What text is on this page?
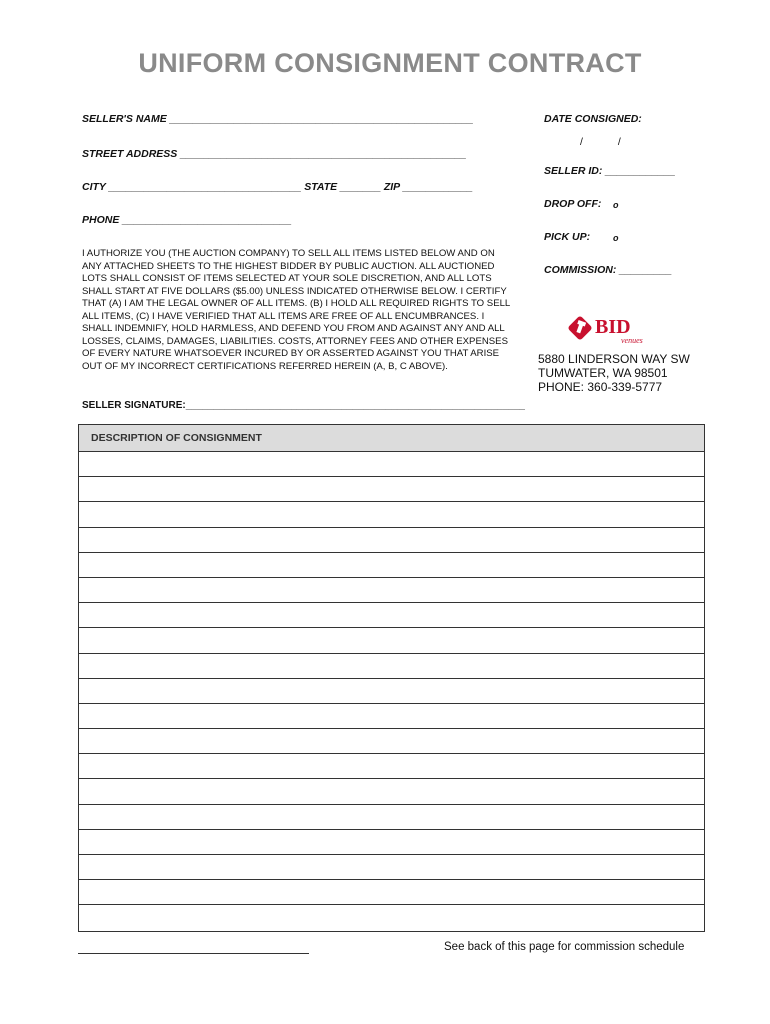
UNIFORM CONSIGNMENT CONTRACT
SELLER'S NAME ____________________________________________________
STREET ADDRESS _________________________________________________
CITY _________________________________ STATE _______ ZIP ____________
PHONE _____________________________
DATE CONSIGNED:
/            /
SELLER ID: ____________
DROP OFF: o
PICK UP:	o
COMMISSION: _________
I AUTHORIZE YOU (THE AUCTION COMPANY) TO SELL ALL ITEMS LISTED BELOW AND ON
ANY ATTACHED SHEETS TO THE HIGHEST BIDDER BY PUBLIC AUCTION. ALL AUCTIONED
LOTS SHALL CONSIST OF ITEMS SELECTED AT YOUR SOLE DISCRETION, AND ALL LOTS
SHALL START AT FIVE DOLLARS ($5.00) UNLESS INDICATED OTHERWISE BELOW. I CERTIFY
THAT (A) I AM THE LEGAL OWNER OF ALL ITEMS. (B) I HOLD ALL REQUIRED RIGHTS TO SELL
ALL ITEMS, (C) I HAVE VERIFIED THAT ALL ITEMS ARE FREE OF ALL ENCUMBRANCES. I
SHALL INDEMNIFY, HOLD HARMLESS, AND DEFEND YOU FROM AND AGAINST ANY AND ALL
LOSSES, CLAIMS, DAMAGES, LIABILITIES. COSTS, ATTORNEY FEES AND OTHER EXPENSES
OF EVERY NATURE WHATSOEVER INCURED BY OR ASSERTED AGAINST YOU THAT ARISE
OUT OF MY INCORRECT CERTIFICATIONS REFERRED HEREIN (A, B, C ABOVE).
BID
venues
5880 LINDERSON WAY SW
TUMWATER, WA 98501
PHONE: 360-339-5777
SELLER SIGNATURE:_____________________________________________________________
DESCRIPTION OF CONSIGNMENT
See back of this page for commission schedule
